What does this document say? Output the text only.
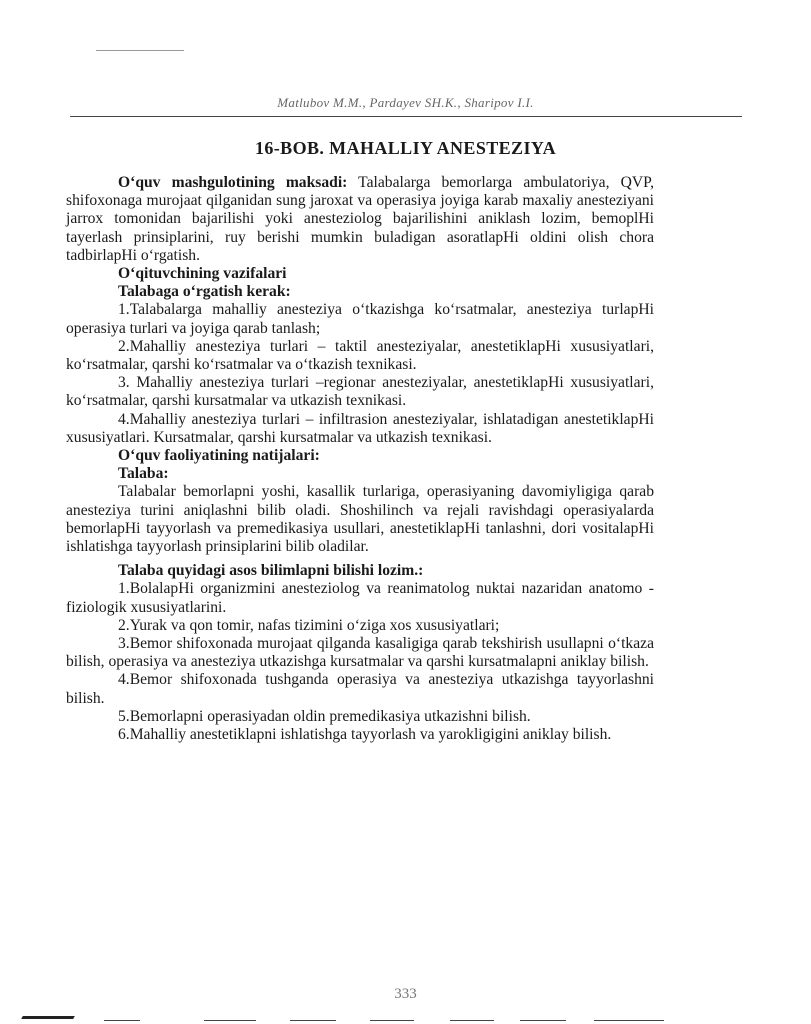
Matlubov M.M., Pardayev SH.K., Sharipov I.I.
16-BOB. MAHALLIY ANESTEZIYA

O‘quv mashgulotining maksadi: Talabalarga bemorlarga ambulatoriya, QVP, shifoxonaga murojaat qilganidan sung jaroxat va operasiya joyiga karab maxaliy anesteziyani jarrox tomonidan bajarilishi yoki anesteziolog bajarilishini aniklash lozim, bemoplHi tayerlash prinsiplarini, ruy berishi mumkin buladigan asoratlapHi oldini olish chora tadbirlapHi o‘rgatish.

O‘qituvchining vazifalari

Talabaga o‘rgatish kerak:

1.Talabalarga mahalliy anesteziya o‘tkazishga ko‘rsatmalar, anesteziya turlapHi operasiya turlari va joyiga qarab tanlash;

2.Mahalliy anesteziya turlari – taktil anesteziyalar, anestetiklapHi xususiyatlari, ko‘rsatmalar, qarshi ko‘rsatmalar va o‘tkazish texnikasi.

3. Mahalliy anesteziya turlari –regionar anesteziyalar, anestetiklapHi xususiyatlari, ko‘rsatmalar, qarshi kursatmalar va utkazish texnikasi.

4.Mahalliy anesteziya turlari – infiltrasion anesteziyalar, ishlatadigan anestetiklapHi xususiyatlari. Kursatmalar, qarshi kursatmalar va utkazish texnikasi.

O‘quv faoliyatining natijalari:

Talaba:

Talabalar bemorlapni yoshi, kasallik turlariga, operasiyaning davomiyligiga qarab anesteziya turini aniqlashni bilib oladi. Shoshilinch va rejali ravishdagi operasiyalarda bemorlapHi tayyorlash va premedikasiya usullari, anestetiklapHi tanlashni, dori vositalapHi ishlatishga tayyorlash prinsiplarini bilib oladilar.

Talaba quyidagi asos bilimlapni bilishi lozim.:

1.BolalapHi organizmini anesteziolog va reanimatolog nuktai nazaridan anatomo - fiziologik xususiyatlarini.

2.Yurak va qon tomir, nafas tizimini o‘ziga xos xususiyatlari;

3.Bemor shifoxonada murojaat qilganda kasaligiga qarab tekshirish usullapni o‘tkaza bilish, operasiya va anesteziya utkazishga kursatmalar va qarshi kursatmalapni aniklay bilish.

4.Bemor shifoxonada tushganda operasiya va anesteziya utkazishga tayyorlashni bilish.

5.Bemorlapni operasiyadan oldin premedikasiya utkazishni bilish.

6.Mahalliy anestetiklapni ishlatishga tayyorlash va yarokligigini aniklay bilish.

333
